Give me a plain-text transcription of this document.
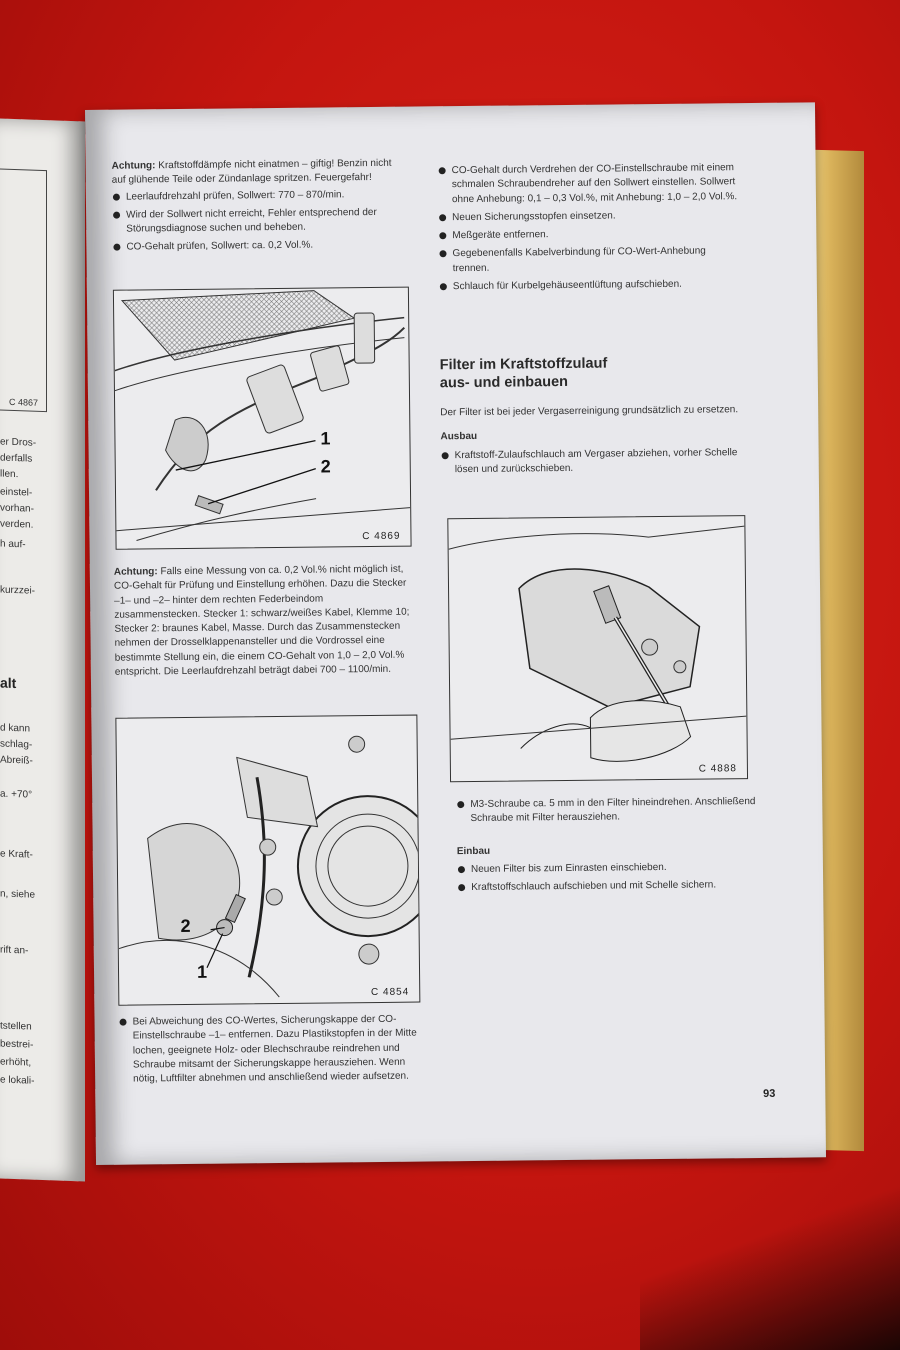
C 4867
er Dros-
derfalls
llen.
einstel-
vorhan-
verden.
h auf-
kurzzei-
alt
d kann
schlag-
Abreiß-
a. +70°
e Kraft-
n, siehe
rift an-
tstellen
bestrei-
erhöht,
e lokali-

Achtung: Kraftstoffdämpfe nicht einatmen – giftig! Benzin nicht auf glühende Teile oder Zündanlage spritzen. Feuergefahr!

Leerlaufdrehzahl prüfen, Sollwert: 770 – 870/min.
Wird der Sollwert nicht erreicht, Fehler entsprechend der Störungsdiagnose suchen und beheben.
CO-Gehalt prüfen, Sollwert: ca. 0,2 Vol.%.
1
2
C 4869

Achtung: Falls eine Messung von ca. 0,2 Vol.% nicht möglich ist, CO-Gehalt für Prüfung und Einstellung erhöhen. Dazu die Stecker –1– und –2– hinter dem rechten Federbeindom zusammenstecken. Stecker 1: schwarz/weißes Kabel, Klemme 10; Stecker 2: braunes Kabel, Masse. Durch das Zusammenstecken nehmen der Drosselklappenansteller und die Vordrossel eine bestimmte Stellung ein, die einem CO-Gehalt von 1,0 – 2,0 Vol.% entspricht. Die Leerlaufdrehzahl beträgt dabei 700 – 1100/min.

2
1
C 4854
Bei Abweichung des CO-Wertes, Sicherungskappe der CO-Einstellschraube –1– entfernen. Dazu Plastikstopfen in der Mitte lochen, geeignete Holz- oder Blechschraube reindrehen und Schraube mitsamt der Sicherungskappe herausziehen. Wenn nötig, Luftfilter abnehmen und anschließend wieder aufsetzen.
CO-Gehalt durch Verdrehen der CO-Einstellschraube mit einem schmalen Schraubendreher auf den Sollwert einstellen. Sollwert ohne Anhebung: 0,1 – 0,3 Vol.%, mit Anhebung: 1,0 – 2,0 Vol.%.
Neuen Sicherungsstopfen einsetzen.
Meßgeräte entfernen.
Gegebenenfalls Kabelverbindung für CO-Wert-Anhebung trennen.
Schlauch für Kurbelgehäuseentlüftung aufschieben.

Filter im Kraftstoffzulauf

aus- und einbauen

Der Filter ist bei jeder Vergaserreinigung grundsätzlich zu ersetzen.

Ausbau
Kraftstoff-Zulaufschlauch am Vergaser abziehen, vorher Schelle lösen und zurückschieben.
C 4888
M3-Schraube ca. 5 mm in den Filter hineindrehen. Anschließend Schraube mit Filter herausziehen.
Einbau
Neuen Filter bis zum Einrasten einschieben.
Kraftstoffschlauch aufschieben und mit Schelle sichern.
93
